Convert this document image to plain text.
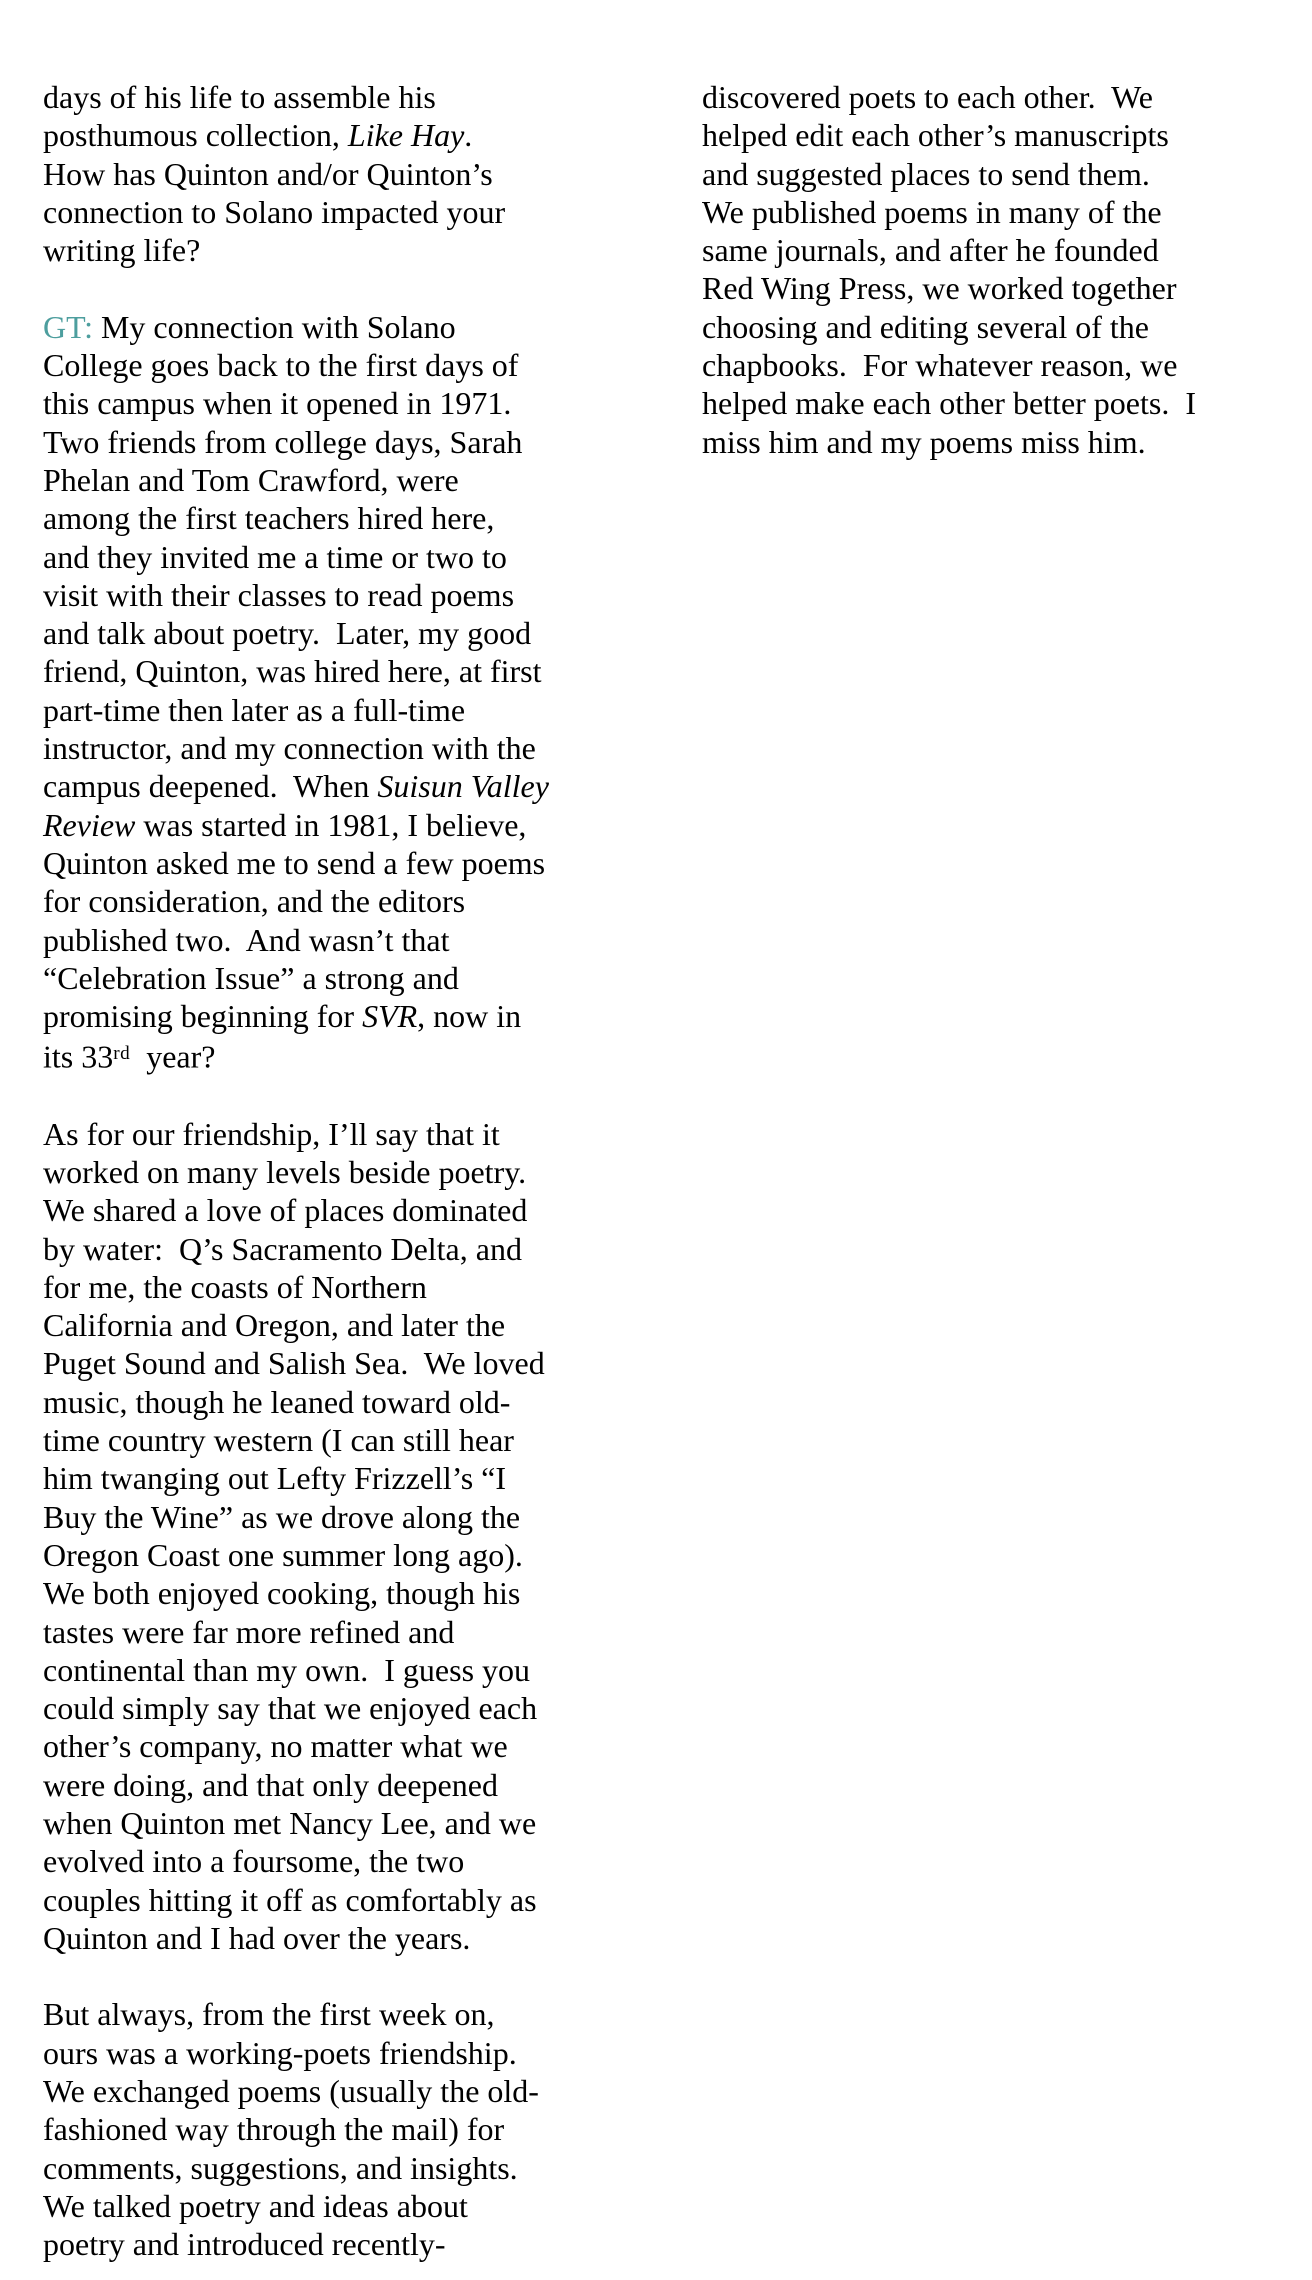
days of his life to assemble his
posthumous collection, Like Hay.
How has Quinton and/or Quinton’s
connection to Solano impacted your
writing life?
GT: My connection with Solano
College goes back to the first days of
this campus when it opened in 1971.
Two friends from college days, Sarah
Phelan and Tom Crawford, were
among the first teachers hired here,
and they invited me a time or two to
visit with their classes to read poems
and talk about poetry.  Later, my good
friend, Quinton, was hired here, at first
part-time then later as a full-time
instructor, and my connection with the
campus deepened.  When Suisun Valley
Review was started in 1981, I believe,
Quinton asked me to send a few poems
for consideration, and the editors
published two.  And wasn’t that
“Celebration Issue” a strong and
promising beginning for SVR, now in
its 33rd  year?
As for our friendship, I’ll say that it
worked on many levels beside poetry.
We shared a love of places dominated
by water:  Q’s Sacramento Delta, and
for me, the coasts of Northern
California and Oregon, and later the
Puget Sound and Salish Sea.  We loved
music, though he leaned toward old-
time country western (I can still hear
him twanging out Lefty Frizzell’s “I
Buy the Wine” as we drove along the
Oregon Coast one summer long ago).
We both enjoyed cooking, though his
tastes were far more refined and
continental than my own.  I guess you
could simply say that we enjoyed each
other’s company, no matter what we
were doing, and that only deepened
when Quinton met Nancy Lee, and we
evolved into a foursome, the two
couples hitting it off as comfortably as
Quinton and I had over the years.
But always, from the first week on,
ours was a working-poets friendship.
We exchanged poems (usually the old-
fashioned way through the mail) for
comments, suggestions, and insights.
We talked poetry and ideas about
poetry and introduced recently-
discovered poets to each other.  We
helped edit each other’s manuscripts
and suggested places to send them.
We published poems in many of the
same journals, and after he founded
Red Wing Press, we worked together
choosing and editing several of the
chapbooks.  For whatever reason, we
helped make each other better poets.  I
miss him and my poems miss him.
